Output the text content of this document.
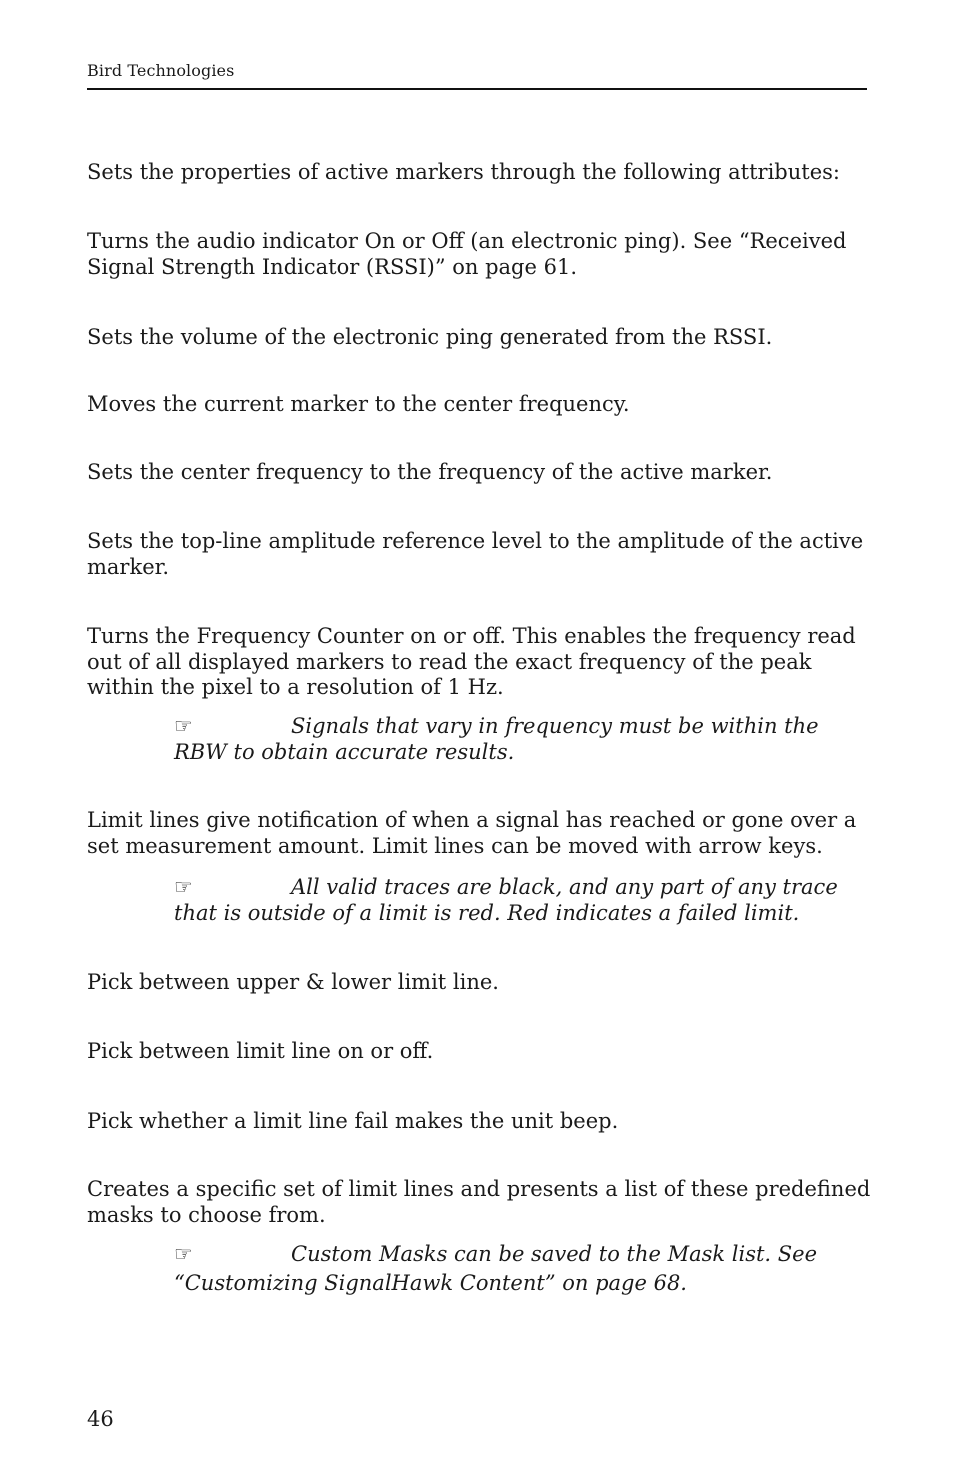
Bird Technologies
Sets the properties of active markers through the following attributes:
Turns the audio indicator On or Off (an electronic ping). See “Received Signal Strength Indicator (RSSI)” on page 61.
Sets the volume of the electronic ping generated from the RSSI.
Moves the current marker to the center frequency.
Sets the center frequency to the frequency of the active marker.
Sets the top-line amplitude reference level to the amplitude of the active marker.
Turns the Frequency Counter on or off. This enables the frequency read out of all displayed markers to read the exact frequency of the peak within the pixel to a resolution of 1 Hz.
☞	Signals that vary in frequency must be within the RBW to obtain accurate results.
Limit lines give notification of when a signal has reached or gone over a set measurement amount. Limit lines can be moved with arrow keys.
☞	All valid traces are black, and any part of any trace that is outside of a limit is red. Red indicates a failed limit.
Pick between upper & lower limit line.
Pick between limit line on or off.
Pick whether a limit line fail makes the unit beep.
Creates a specific set of limit lines and presents a list of these predefined masks to choose from.
☞	Custom Masks can be saved to the Mask list. See “Customizing SignalHawk Content” on page 68.
46
